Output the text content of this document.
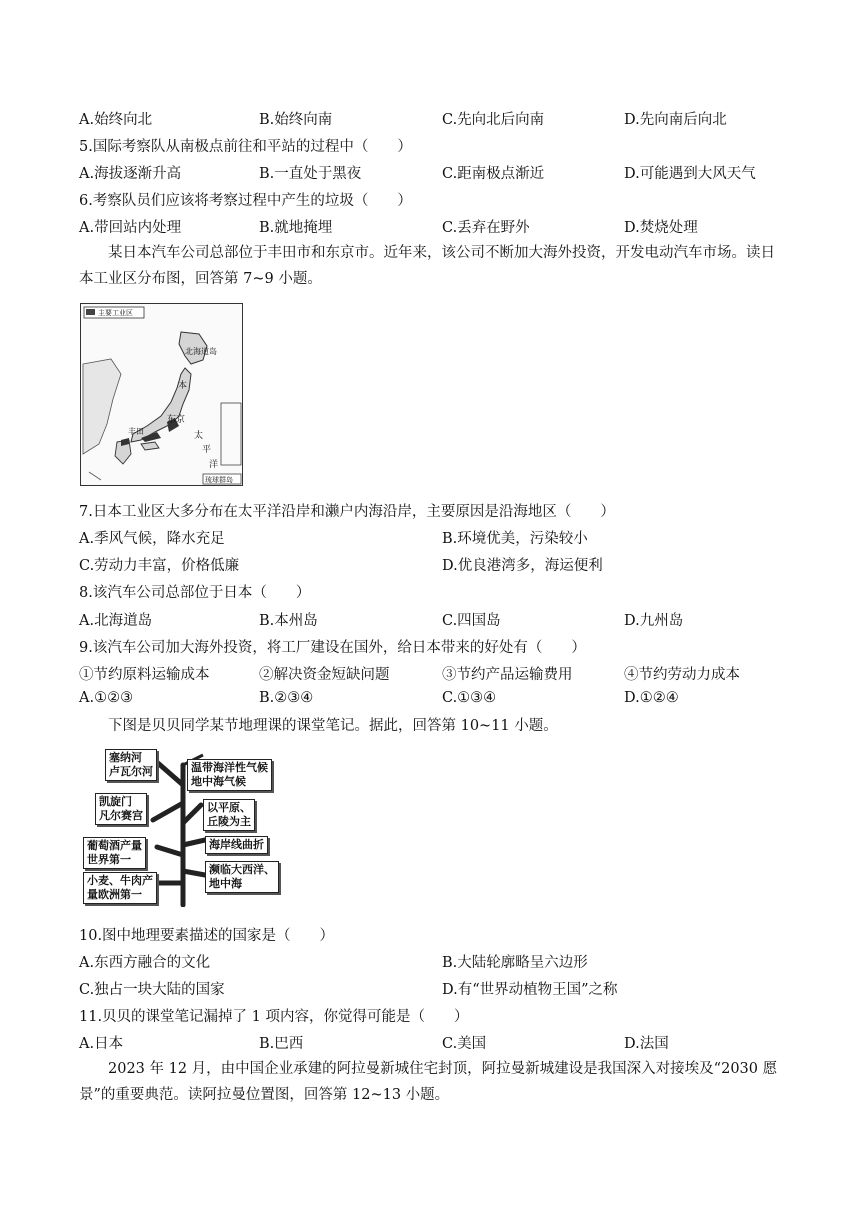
A.始终向北	B.始终向南	C.先向北后向南	D.先向南后向北
5.国际考察队从南极点前往和平站的过程中（　　）
A.海拔逐渐升高	B.一直处于黑夜	C.距南极点渐近	D.可能遇到大风天气
6.考察队员们应该将考察过程中产生的垃圾（　　）
A.带回站内处理	B.就地掩埋	C.丢弃在野外	D.焚烧处理
某日本汽车公司总部位于丰田市和东京市。近年来，该公司不断加大海外投资，开发电动汽车市场。读日本工业区分布图，回答第 7~9 小题。
主要工业区
北海道岛
本
东京
丰田	太
平
洋
琉球群岛
7.日本工业区大多分布在太平洋沿岸和濑户内海沿岸，主要原因是沿海地区（　　）
A.季风气候，降水充足	B.环境优美，污染较小
C.劳动力丰富，价格低廉	D.优良港湾多，海运便利
8.该汽车公司总部位于日本（　　）
A.北海道岛	B.本州岛	C.四国岛	D.九州岛
9.该汽车公司加大海外投资，将工厂建设在国外，给日本带来的好处有（　　）
①节约原料运输成本	②解决资金短缺问题	③节约产品运输费用	④节约劳动力成本
A.①②③	B.②③④	C.①③④	D.①②④
下图是贝贝同学某节地理课的课堂笔记。据此，回答第 10~11 小题。
塞纳河
卢瓦尔河	温带海洋性气候
地中海气候
凯旋门
凡尔赛宫
以平原、
丘陵为主
海岸线曲折
葡萄酒产量
世界第一
濒临大西洋、
地中海
小麦、牛肉产
量欧洲第一
10.图中地理要素描述的国家是（　　）
A.东西方融合的文化	B.大陆轮廓略呈六边形
C.独占一块大陆的国家	D.有“世界动植物王国”之称
11.贝贝的课堂笔记漏掉了 1 项内容，你觉得可能是（　　）
A.日本	B.巴西	C.美国	D.法国
2023 年 12 月，由中国企业承建的阿拉曼新城住宅封顶，阿拉曼新城建设是我国深入对接埃及“2030 愿景”的重要典范。读阿拉曼位置图，回答第 12~13 小题。
